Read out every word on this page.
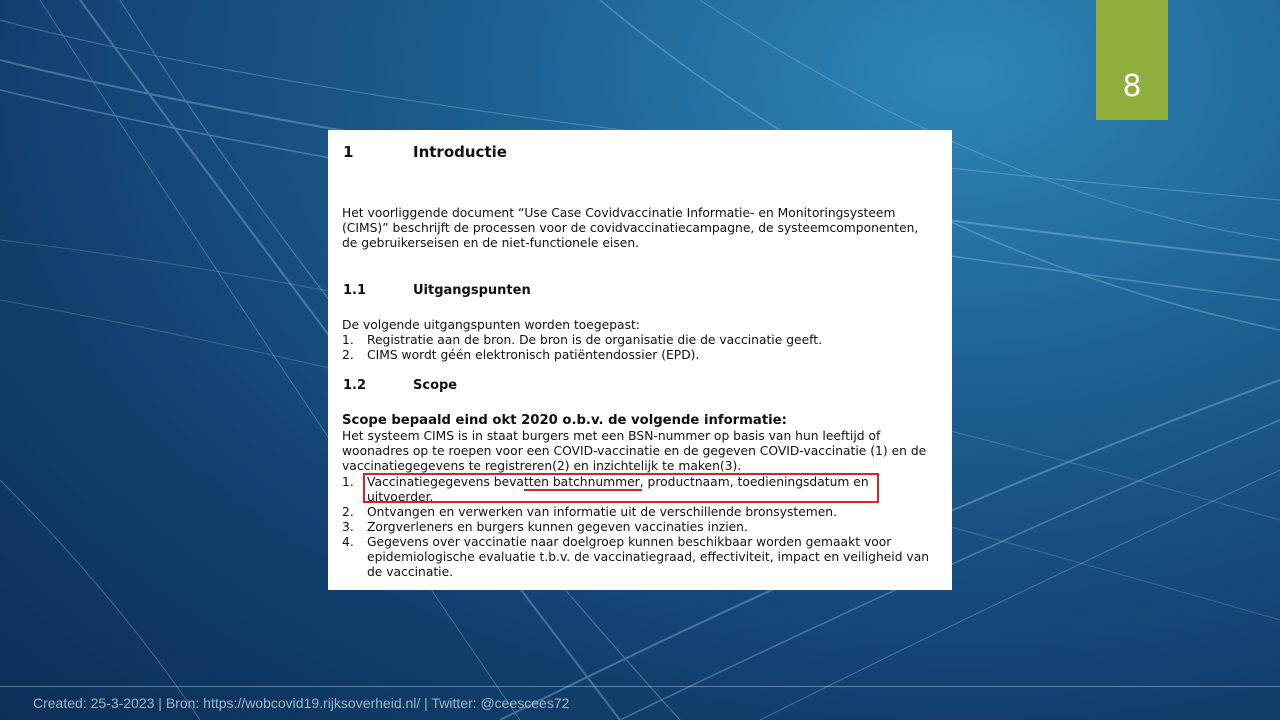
8
1	Introductie
Het voorliggende document “Use Case Covidvaccinatie Informatie- en Monitoringsysteem
(CIMS)” beschrijft de processen voor de covidvaccinatiecampagne, de systeemcomponenten,
de gebruikerseisen en de niet-functionele eisen.
1.1	Uitgangspunten
De volgende uitgangspunten worden toegepast:
1. Registratie aan de bron. De bron is de organisatie die de vaccinatie geeft.
2. CIMS wordt géén elektronisch patiëntendossier (EPD).
1.2	Scope
Scope bepaald eind okt 2020 o.b.v. de volgende informatie:
Het systeem CIMS is in staat burgers met een BSN-nummer op basis van hun leeftijd of
woonadres op te roepen voor een COVID-vaccinatie en de gegeven COVID-vaccinatie (1) en de
vaccinatiegegevens te registreren(2) en inzichtelijk te maken(3).
1. Vaccinatiegegevens bevatten batchnummer, productnaam, toedieningsdatum en
uitvoerder.
2. Ontvangen en verwerken van informatie uit de verschillende bronsystemen.
3. Zorgverleners en burgers kunnen gegeven vaccinaties inzien.
4. Gegevens over vaccinatie naar doelgroep kunnen beschikbaar worden gemaakt voor
epidemiologische evaluatie t.b.v. de vaccinatiegraad, effectiviteit, impact en veiligheid van
de vaccinatie.
Created: 25-3-2023 | Bron: https://wobcovid19.rijksoverheid.nl/ | Twitter: @ceescees72
